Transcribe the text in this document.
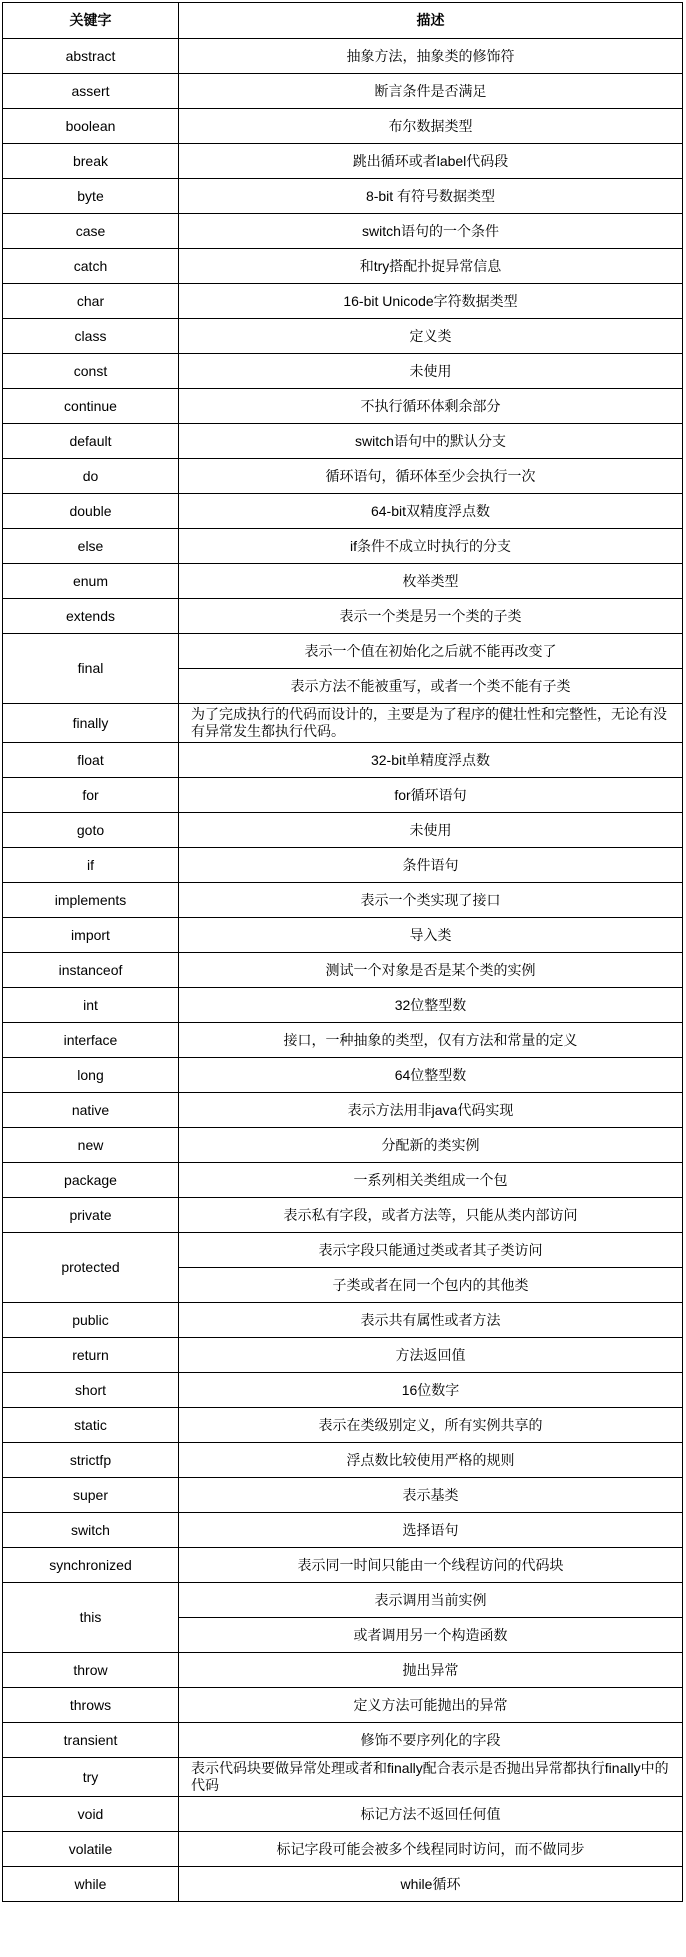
关键字	描述
abstract	抽象方法，抽象类的修饰符
assert	断言条件是否满足
boolean	布尔数据类型
break	跳出循环或者label代码段
byte	8-bit 有符号数据类型
case	switch语句的一个条件
catch	和try搭配扑捉异常信息
char	16-bit Unicode字符数据类型
class	定义类
const	未使用
continue	不执行循环体剩余部分
default	switch语句中的默认分支
do	循环语句，循环体至少会执行一次
double	64-bit双精度浮点数
else	if条件不成立时执行的分支
enum	枚举类型
extends	表示一个类是另一个类的子类
final	表示一个值在初始化之后就不能再改变了
	表示方法不能被重写，或者一个类不能有子类
finally	为了完成执行的代码而设计的，主要是为了程序的健壮性和完整性，无论有没有异常发生都执行代码。
float	32-bit单精度浮点数
for	for循环语句
goto	未使用
if	条件语句
implements	表示一个类实现了接口
import	导入类
instanceof	测试一个对象是否是某个类的实例
int	32位整型数
interface	接口，一种抽象的类型，仅有方法和常量的定义
long	64位整型数
native	表示方法用非java代码实现
new	分配新的类实例
package	一系列相关类组成一个包
private	表示私有字段，或者方法等，只能从类内部访问
protected	表示字段只能通过类或者其子类访问
	子类或者在同一个包内的其他类
public	表示共有属性或者方法
return	方法返回值
short	16位数字
static	表示在类级别定义，所有实例共享的
strictfp	浮点数比较使用严格的规则
super	表示基类
switch	选择语句
synchronized	表示同一时间只能由一个线程访问的代码块
this	表示调用当前实例
	或者调用另一个构造函数
throw	抛出异常
throws	定义方法可能抛出的异常
transient	修饰不要序列化的字段
try	表示代码块要做异常处理或者和finally配合表示是否抛出异常都执行finally中的代码
void	标记方法不返回任何值
volatile	标记字段可能会被多个线程同时访问，而不做同步
while	while循环
